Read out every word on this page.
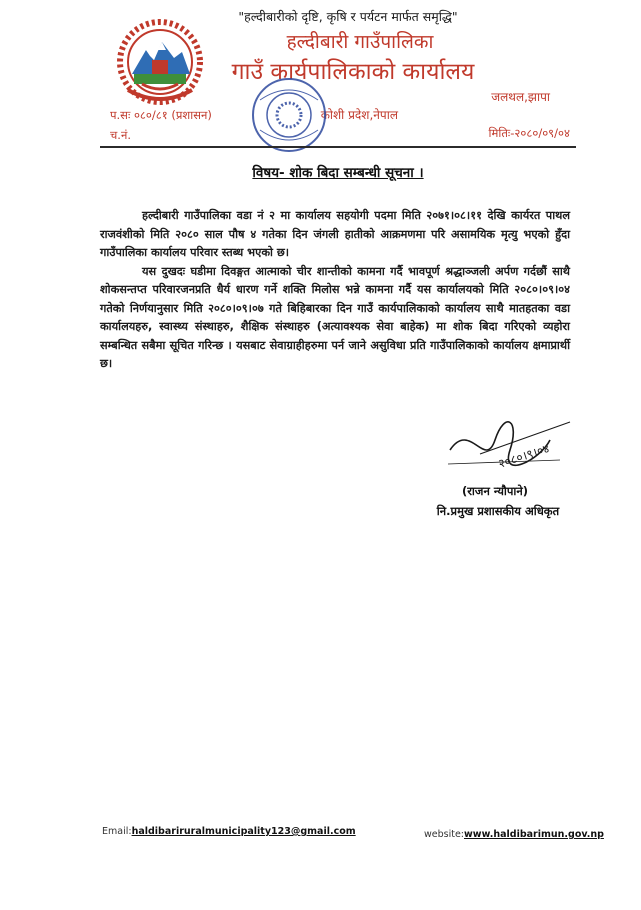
"हल्दीबारीको दृष्टि, कृषि र पर्यटन मार्फत समृद्धि"
हल्दीबारी गाउँपालिका
गाउँ कार्यपालिकाको कार्यालय
जलथल,झापा
कोशी प्रदेश,नेपाल
प.सः ०८०/८१ (प्रशासन)
च.नं.	मितिः-२०८०/०९/०४
विषय- शोक बिदा सम्बन्धी सूचना ।

हल्दीबारी गाउँपालिका वडा नं २ मा कार्यालय सहयोगी पदमा मिति २०७१।०८।११ देखि कार्यरत पाथल राजवंशीको मिति २०८० साल पौष ४ गतेका दिन जंगली हातीको आक्रमणमा परि असामयिक मृत्यु भएको हुँदा गाउँपालिका कार्यालय परिवार स्तब्ध भएको छ।

यस दुखदः घडीमा दिवङ्गत आत्माको चीर शान्तीको कामना गर्दै भावपूर्ण श्रद्धाञ्जली अर्पण गर्दछौं साथै शोकसन्तप्त परिवारजनप्रति धैर्य धारण गर्ने शक्ति मिलोस भन्ने कामना गर्दै यस कार्यालयको मिति २०८०।०९।०४ गतेको निर्णयानुसार मिति २०८०।०९।०७ गते बिहिबारका दिन गाउँ कार्यपालिकाको कार्यालय साथै मातहतका वडा कार्यालयहरु, स्वास्थ्य संस्थाहरु, शैक्षिक संस्थाहरु (अत्यावश्यक सेवा बाहेक) मा शोक बिदा गरिएको व्यहोरा सम्बन्धित सबैमा सूचित गरिन्छ । यसबाट सेवाग्राहीहरुमा पर्न जाने असुविधा प्रति गाउँपालिकाको कार्यालय क्षमाप्रार्थी छ।

२०८०।९।०४
(राजन न्यौपाने)
नि.प्रमुख प्रशासकीय अधिकृत
Email:haldibariruralmunicipality123@gmail.com	website:www.haldibarimun.gov.np
